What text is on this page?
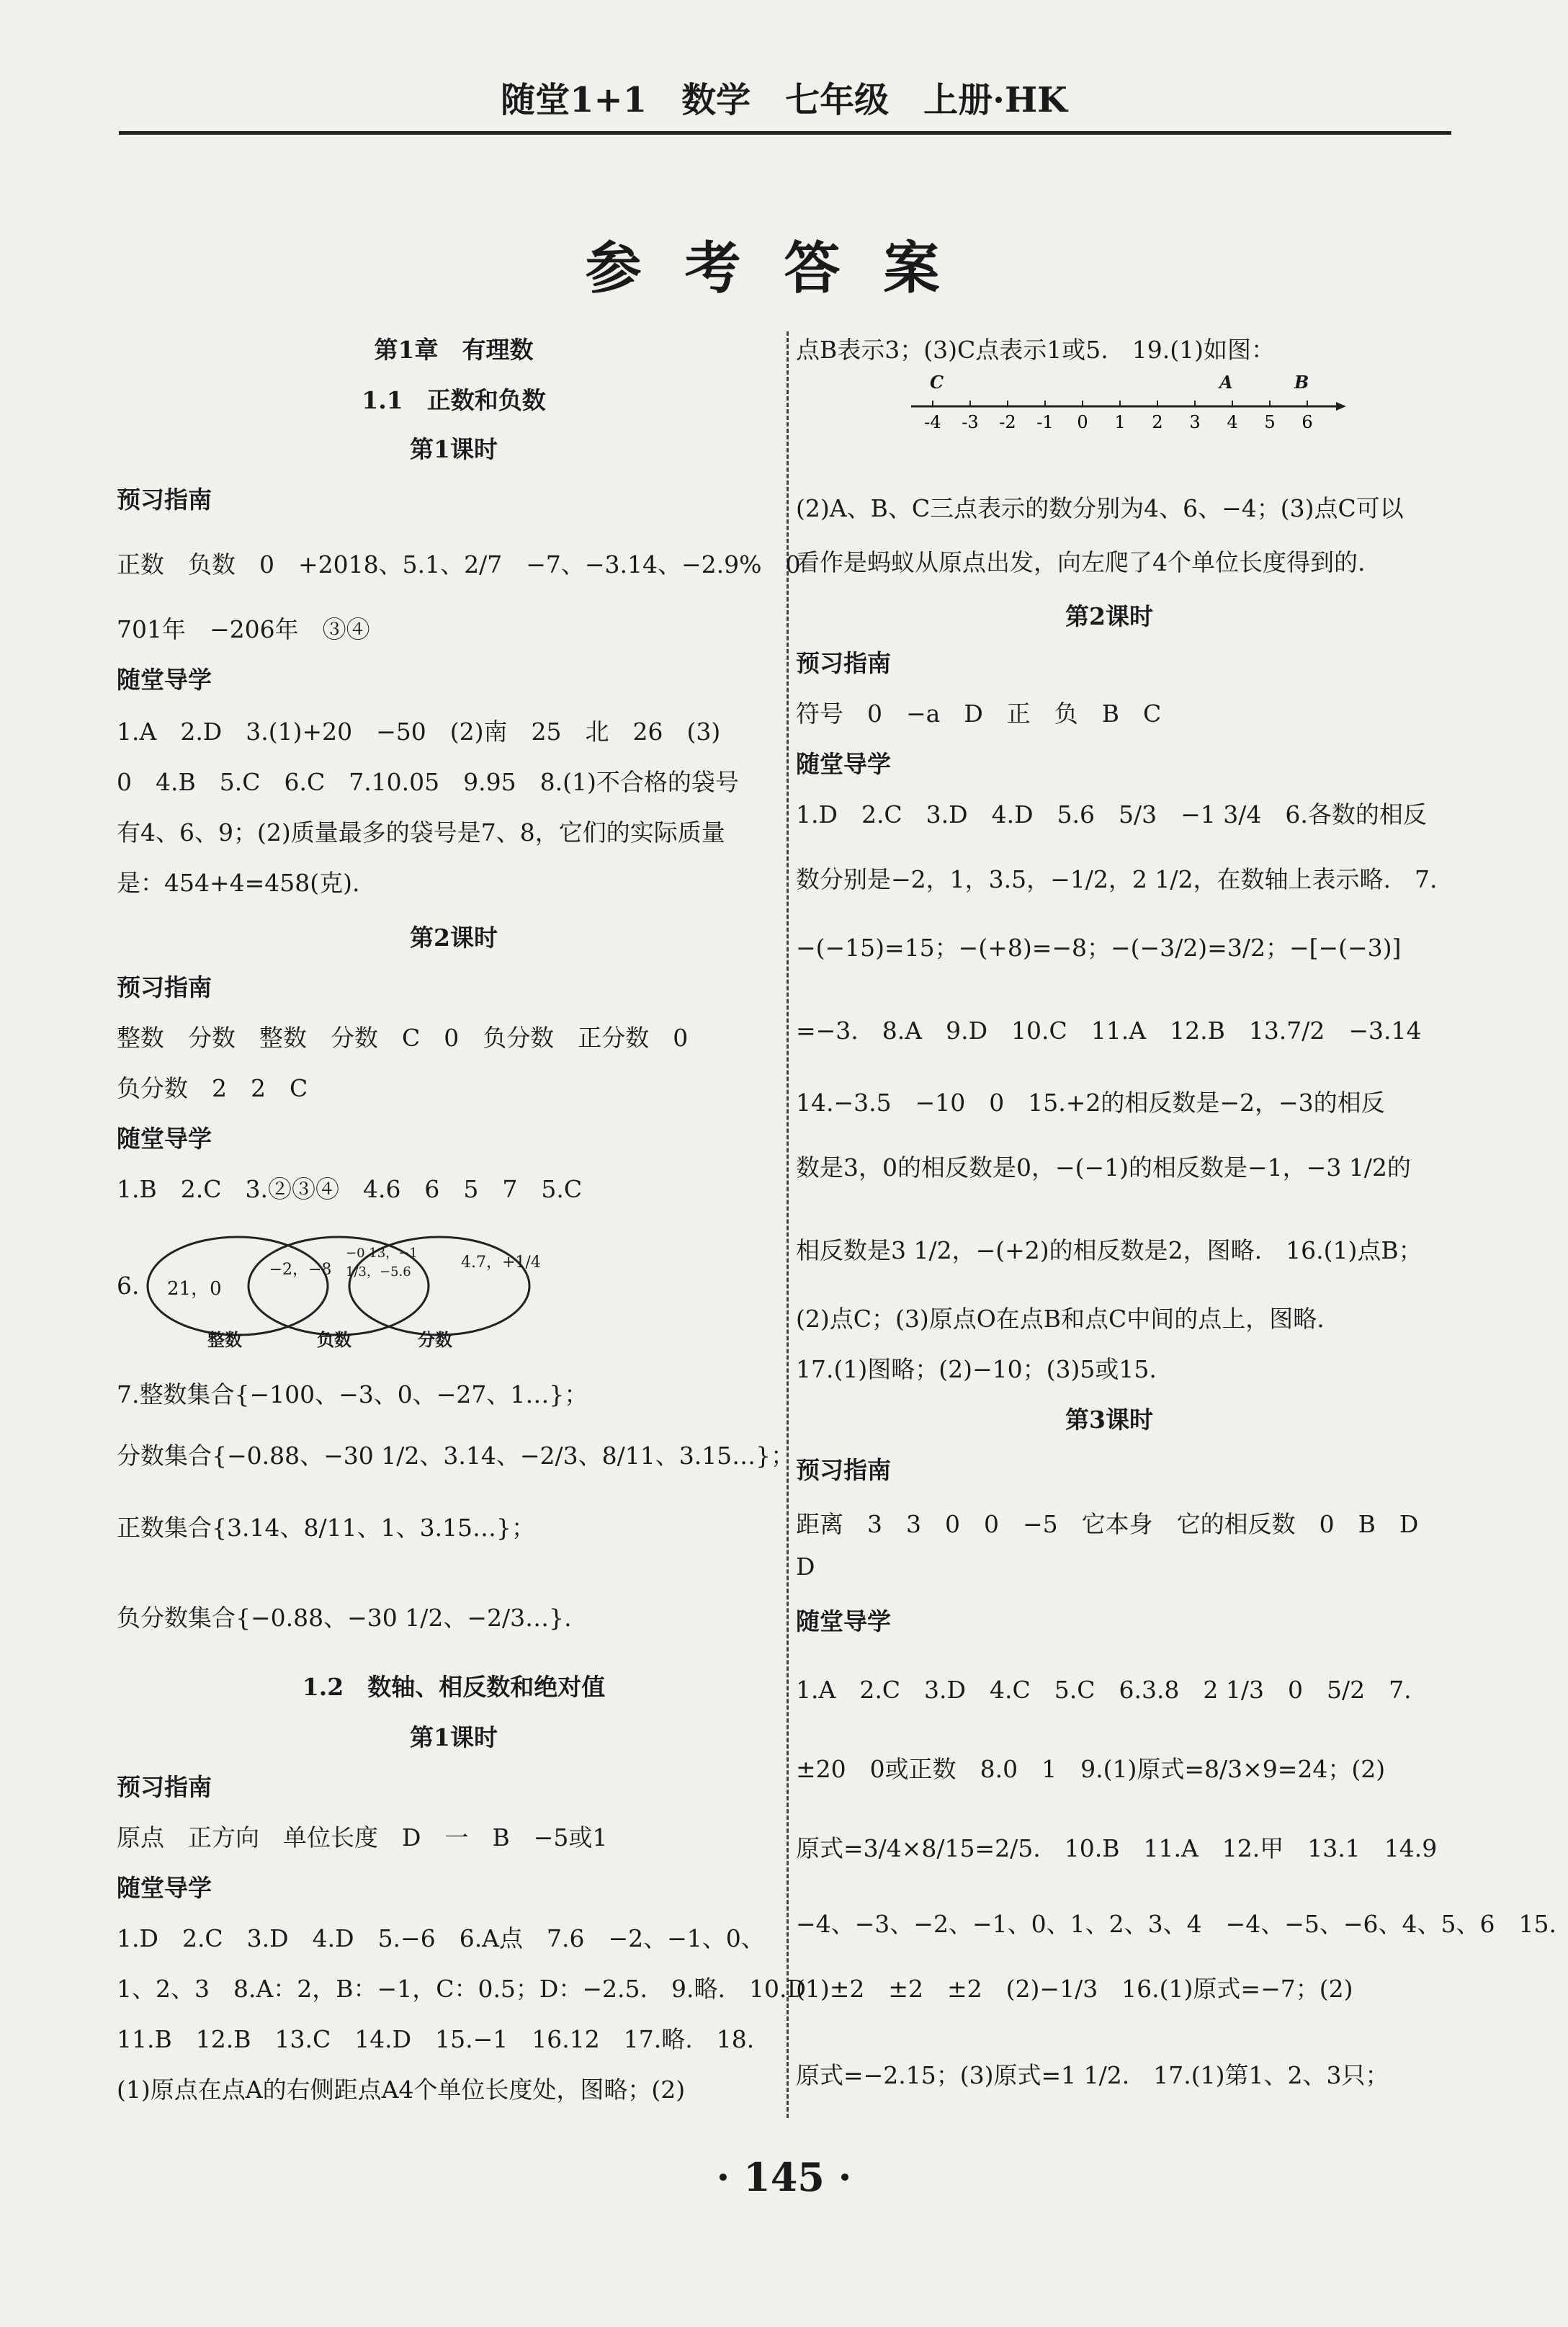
随堂1+1　数学　七年级　上册·HK
参考答案
第1章　有理数
1.1　正数和负数
第1课时
预习指南
正数　负数　0　+2018、5.1、2/7　−7、−3.14、−2.9%　0
701年　−206年　③④
随堂导学
1.A　2.D　3.(1)+20　−50　(2)南　25　北　26　(3)
0　4.B　5.C　6.C　7.10.05　9.95　8.(1)不合格的袋号
有4、6、9；(2)质量最多的袋号是7、8，它们的实际质量
是：454+4=458(克).
第2课时
预习指南
整数　分数　整数　分数　C　0　负分数　正分数　0
负分数　2　2　C
随堂导学
1.B　2.C　3.②③④　4.6　6　5　7　5.C
6. 21，0
−2，−8
−0.13，−1 1/3，−5.6
4.7，+1/4
整数	负数	分数
7.整数集合{−100、−3、0、−27、1…}；
分数集合{−0.88、−30 1/2、3.14、−2/3、8/11、3.15…}；
正数集合{3.14、8/11、1、3.15…}；
负分数集合{−0.88、−30 1/2、−2/3…}.
1.2　数轴、相反数和绝对值
第1课时
预习指南
原点　正方向　单位长度　D　一　B　−5或1
随堂导学
1.D　2.C　3.D　4.D　5.−6　6.A点　7.6　−2、−1、0、
1、2、3　8.A：2，B：−1，C：0.5；D：−2.5.　9.略.　10.D
11.B　12.B　13.C　14.D　15.−1　16.12　17.略.　18.
(1)原点在点A的右侧距点A4个单位长度处，图略；(2)
点B表示3；(3)C点表示1或5.　19.(1)如图：
-4 -3 -2 -1 0 1 2 3 4 5 6
C	A	B
(2)A、B、C三点表示的数分别为4、6、−4；(3)点C可以
看作是蚂蚁从原点出发，向左爬了4个单位长度得到的.
第2课时
预习指南
符号　0　−a　D　正　负　B　C
随堂导学
1.D　2.C　3.D　4.D　5.6　5/3　−1 3/4　6.各数的相反
数分别是−2，1，3.5，−1/2，2 1/2，在数轴上表示略.　7.
−(−15)=15；−(+8)=−8；−(−3/2)=3/2；−[−(−3)]
=−3.　8.A　9.D　10.C　11.A　12.B　13.7/2　−3.14
14.−3.5　−10　0　15.+2的相反数是−2，−3的相反
数是3，0的相反数是0，−(−1)的相反数是−1，−3 1/2的
相反数是3 1/2，−(+2)的相反数是2，图略.　16.(1)点B；
(2)点C；(3)原点O在点B和点C中间的点上，图略.
17.(1)图略；(2)−10；(3)5或15.
第3课时
预习指南
距离　3　3　0　0　−5　它本身　它的相反数　0　B　D
D
随堂导学
1.A　2.C　3.D　4.C　5.C　6.3.8　2 1/3　0　5/2　7.
±20　0或正数　8.0　1　9.(1)原式=8/3×9=24；(2)
原式=3/4×8/15=2/5.　10.B　11.A　12.甲　13.1　14.9
−4、−3、−2、−1、0、1、2、3、4　−4、−5、−6、4、5、6　15.
(1)±2　±2　±2　(2)−1/3　16.(1)原式=−7；(2)
原式=−2.15；(3)原式=1 1/2.　17.(1)第1、2、3只；
· 145 ·
